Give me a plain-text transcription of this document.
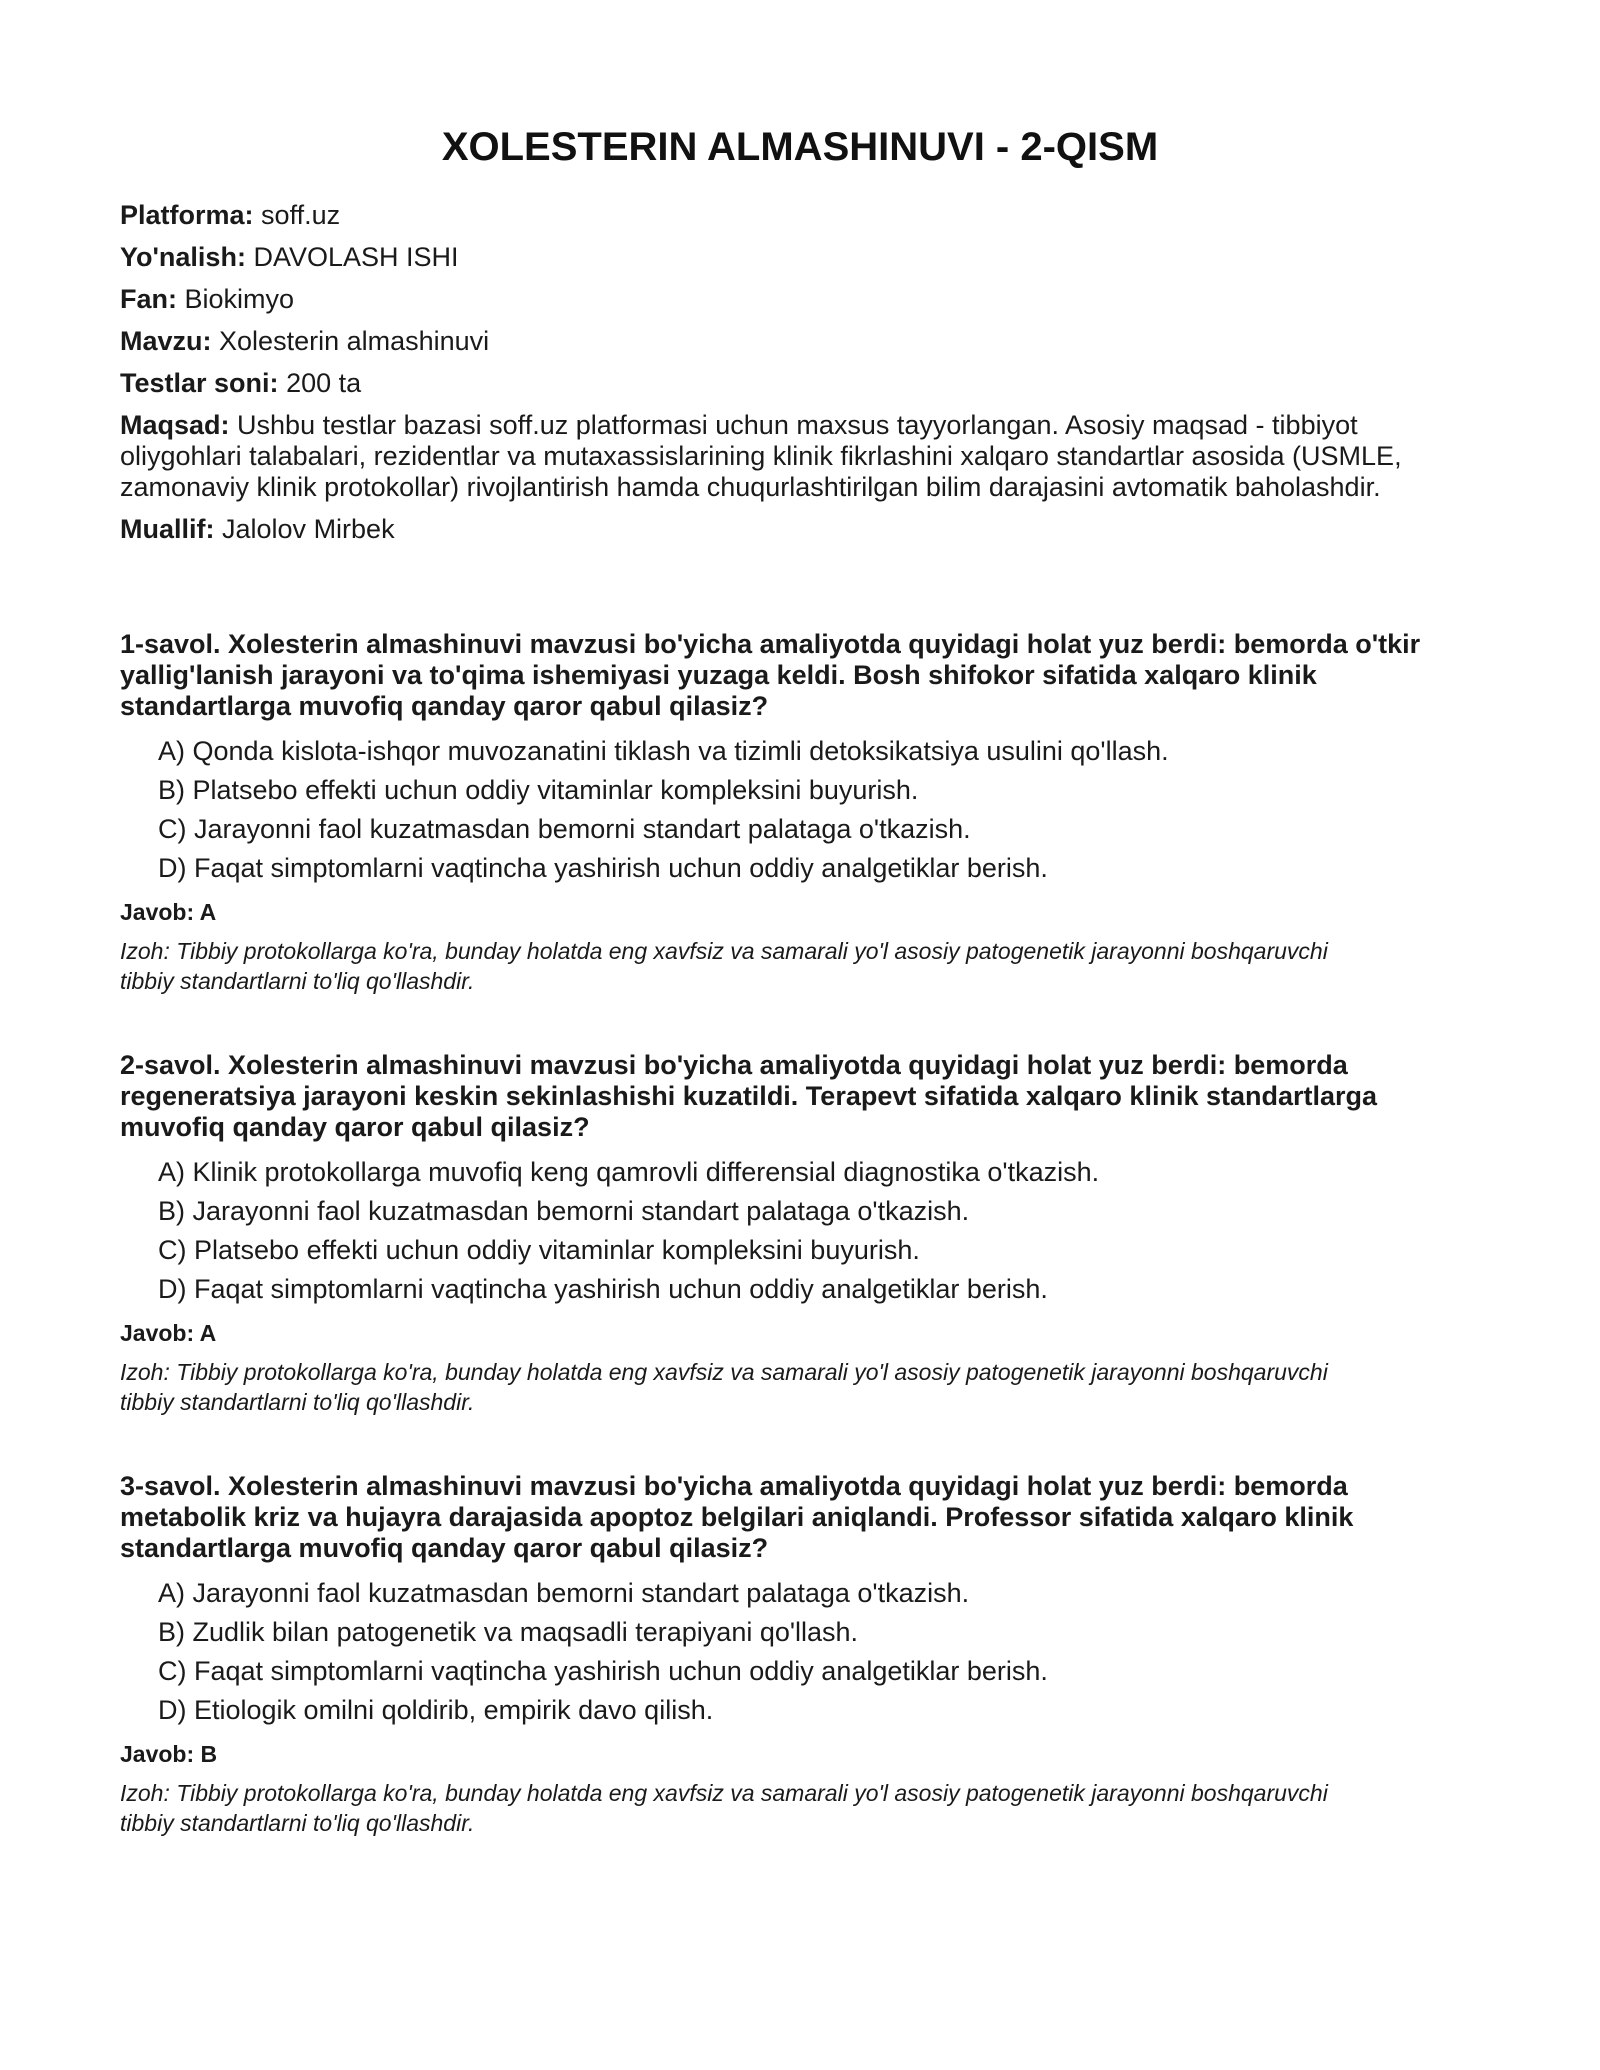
XOLESTERIN ALMASHINUVI - 2-QISM
Platforma: soff.uz
Yo'nalish: DAVOLASH ISHI
Fan: Biokimyo
Mavzu: Xolesterin almashinuvi
Testlar soni: 200 ta
Maqsad: Ushbu testlar bazasi soff.uz platformasi uchun maxsus tayyorlangan. Asosiy maqsad - tibbiyot oliygohlari talabalari, rezidentlar va mutaxassislarining klinik fikrlashini xalqaro standartlar asosida (USMLE, zamonaviy klinik protokollar) rivojlantirish hamda chuqurlashtirilgan bilim darajasini avtomatik baholashdir.
Muallif: Jalolov Mirbek

1-savol. Xolesterin almashinuvi mavzusi bo'yicha amaliyotda quyidagi holat yuz berdi: bemorda o'tkir yallig'lanish jarayoni va to'qima ishemiyasi yuzaga keldi. Bosh shifokor sifatida xalqaro klinik standartlarga muvofiq qanday qaror qabul qilasiz?

A) Qonda kislota-ishqor muvozanatini tiklash va tizimli detoksikatsiya usulini qo'llash.
B) Platsebo effekti uchun oddiy vitaminlar kompleksini buyurish.
C) Jarayonni faol kuzatmasdan bemorni standart palataga o'tkazish.
D) Faqat simptomlarni vaqtincha yashirish uchun oddiy analgetiklar berish.
Javob: A
Izoh: Tibbiy protokollarga ko'ra, bunday holatda eng xavfsiz va samarali yo'l asosiy patogenetik jarayonni boshqaruvchi tibbiy standartlarni to'liq qo'llashdir.

2-savol. Xolesterin almashinuvi mavzusi bo'yicha amaliyotda quyidagi holat yuz berdi: bemorda regeneratsiya jarayoni keskin sekinlashishi kuzatildi. Terapevt sifatida xalqaro klinik standartlarga muvofiq qanday qaror qabul qilasiz?

A) Klinik protokollarga muvofiq keng qamrovli differensial diagnostika o'tkazish.
B) Jarayonni faol kuzatmasdan bemorni standart palataga o'tkazish.
C) Platsebo effekti uchun oddiy vitaminlar kompleksini buyurish.
D) Faqat simptomlarni vaqtincha yashirish uchun oddiy analgetiklar berish.
Javob: A
Izoh: Tibbiy protokollarga ko'ra, bunday holatda eng xavfsiz va samarali yo'l asosiy patogenetik jarayonni boshqaruvchi tibbiy standartlarni to'liq qo'llashdir.

3-savol. Xolesterin almashinuvi mavzusi bo'yicha amaliyotda quyidagi holat yuz berdi: bemorda metabolik kriz va hujayra darajasida apoptoz belgilari aniqlandi. Professor sifatida xalqaro klinik standartlarga muvofiq qanday qaror qabul qilasiz?

A) Jarayonni faol kuzatmasdan bemorni standart palataga o'tkazish.
B) Zudlik bilan patogenetik va maqsadli terapiyani qo'llash.
C) Faqat simptomlarni vaqtincha yashirish uchun oddiy analgetiklar berish.
D) Etiologik omilni qoldirib, empirik davo qilish.
Javob: B
Izoh: Tibbiy protokollarga ko'ra, bunday holatda eng xavfsiz va samarali yo'l asosiy patogenetik jarayonni boshqaruvchi tibbiy standartlarni to'liq qo'llashdir.
